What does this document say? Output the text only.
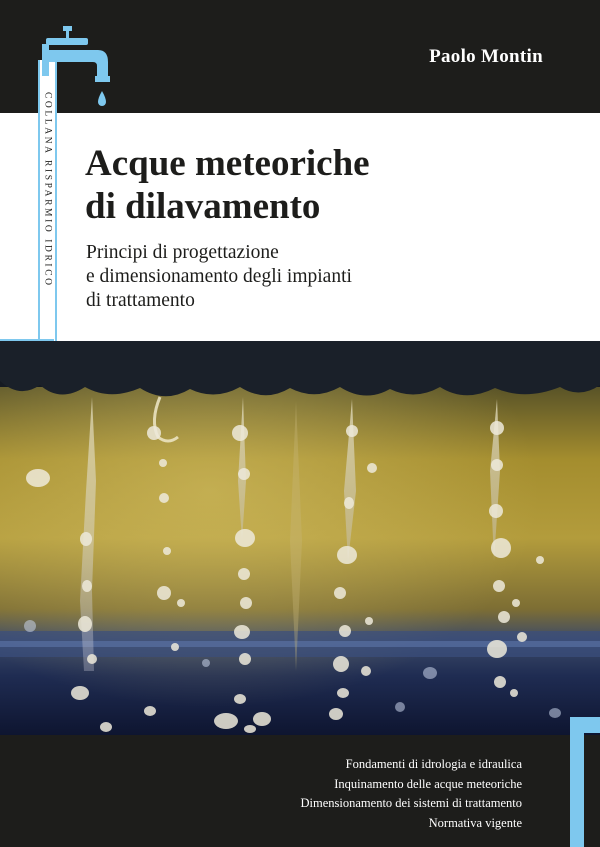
Paolo Montin
COLLANA RISPARMIO IDRICO Acque meteoriche
di dilavamento

Principi di progettazione
e dimensionamento degli impianti
di trattamento

Fondamenti di idrologia e idraulica
Inquinamento delle acque meteoriche
Dimensionamento dei sistemi di trattamento
Normativa vigente
